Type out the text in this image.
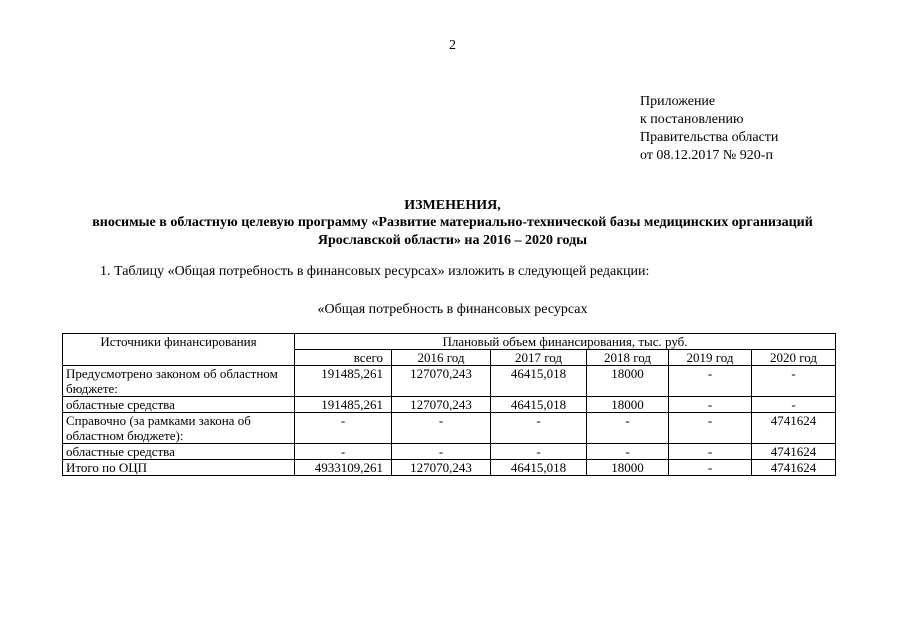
2
Приложение
к постановлению
Правительства области
от 08.12.2017 № 920-п
ИЗМЕНЕНИЯ,
вносимые в областную целевую программу «Развитие материально-технической базы медицинских организаций Ярославской области» на 2016 – 2020 годы
1. Таблицу «Общая потребность в финансовых ресурсах» изложить в следующей редакции:
«Общая потребность в финансовых ресурсах
Источники финансирования	Плановый объем финансирования, тыс. руб.					
	всего	2016 год	2017 год	2018 год	2019 год	2020 год
Предусмотрено законом об областном бюджете:	191485,261	127070,243	46415,018	18000	-	-
областные средства	191485,261	127070,243	46415,018	18000	-	-
Справочно (за рамками закона об областном бюджете):	-	-	-	-	-	4741624
областные средства	-	-	-	-	-	4741624
Итого по ОЦП	4933109,261	127070,243	46415,018	18000	-	4741624
